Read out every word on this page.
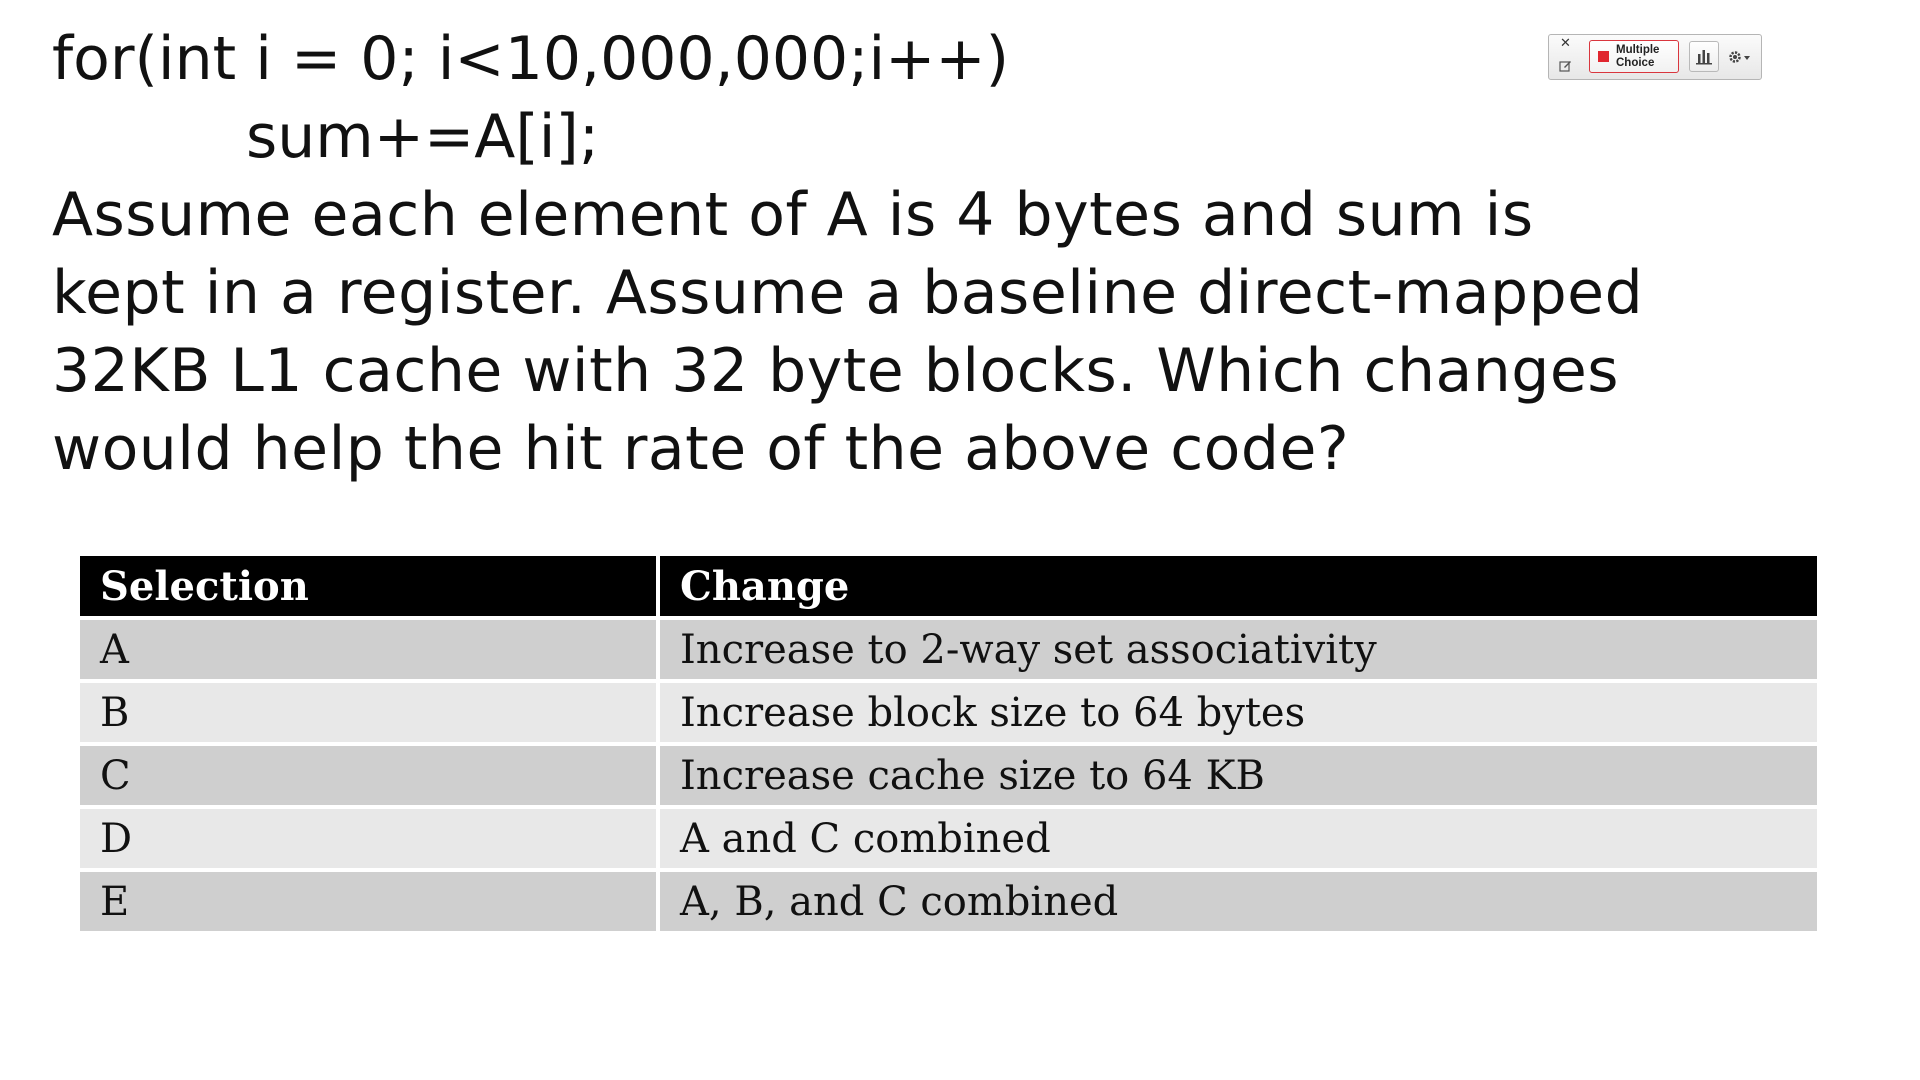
for(int i = 0; i<10,000,000;i++)

sum+=A[i];

Assume each element of A is 4 bytes and sum is
kept in a register. Assume a baseline direct-mapped
32KB L1 cache with 32 byte blocks. Which changes
would help the hit rate of the above code?
✕	Multiple
Choice
Selection	Change
A	Increase to 2-way set associativity
B	Increase block size to 64 bytes
C	Increase cache size to 64 KB
D	A and C combined
E	A, B, and C combined
